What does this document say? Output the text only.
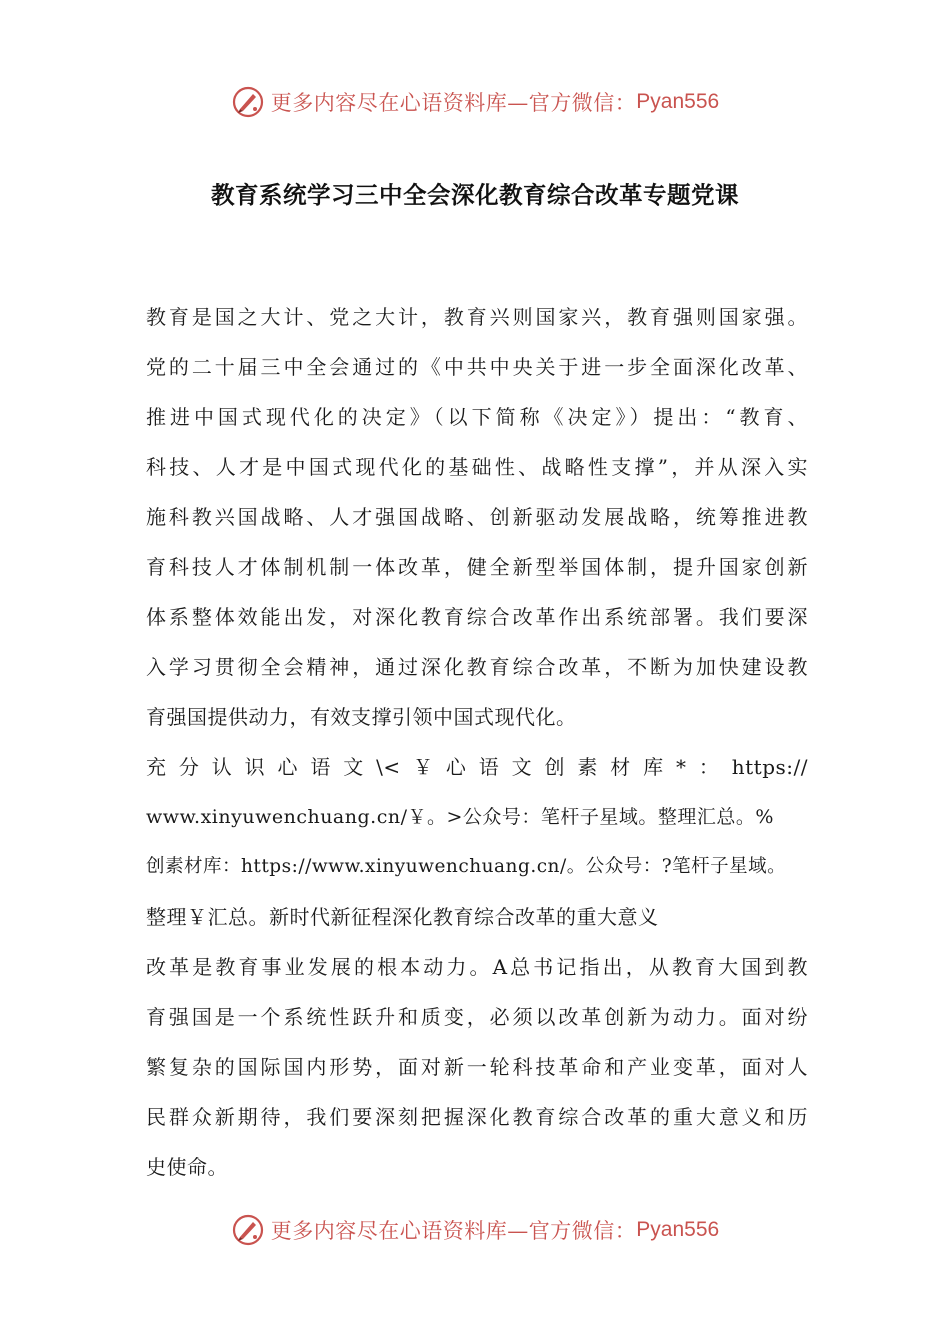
更多内容尽在心语资料库—官方微信： Pyan556
教育系统学习三中全会深化教育综合改革专题党课
教育是国之大计、党之大计，教育兴则国家兴，教育强则国家强。
党的二十届三中全会通过的《中共中央关于进一步全面深化改革、
推进中国式现代化的决定》（以下简称《决定》）提出：“教育、
科技、人才是中国式现代化的基础性、战略性支撑”，并从深入实
施科教兴国战略、人才强国战略、创新驱动发展战略，统筹推进教
育科技人才体制机制一体改革，健全新型举国体制，提升国家创新
体系整体效能出发，对深化教育综合改革作出系统部署。我们要深
入学习贯彻全会精神，通过深化教育综合改革，不断为加快建设教
育强国提供动力，有效支撑引领中国式现代化。
充分认识心语文\<￥心语文创素材库*：https://
www.xinyuwenchuang.cn/￥。>公众号：笔杆子星域。整理汇总。%
创素材库：https://www.xinyuwenchuang.cn/。公众号：?笔杆子星域。
整理￥汇总。新时代新征程深化教育综合改革的重大意义
改革是教育事业发展的根本动力。A总书记指出，从教育大国到教
育强国是一个系统性跃升和质变，必须以改革创新为动力。面对纷
繁复杂的国际国内形势，面对新一轮科技革命和产业变革，面对人
民群众新期待，我们要深刻把握深化教育综合改革的重大意义和历
史使命。
更多内容尽在心语资料库—官方微信： Pyan556
